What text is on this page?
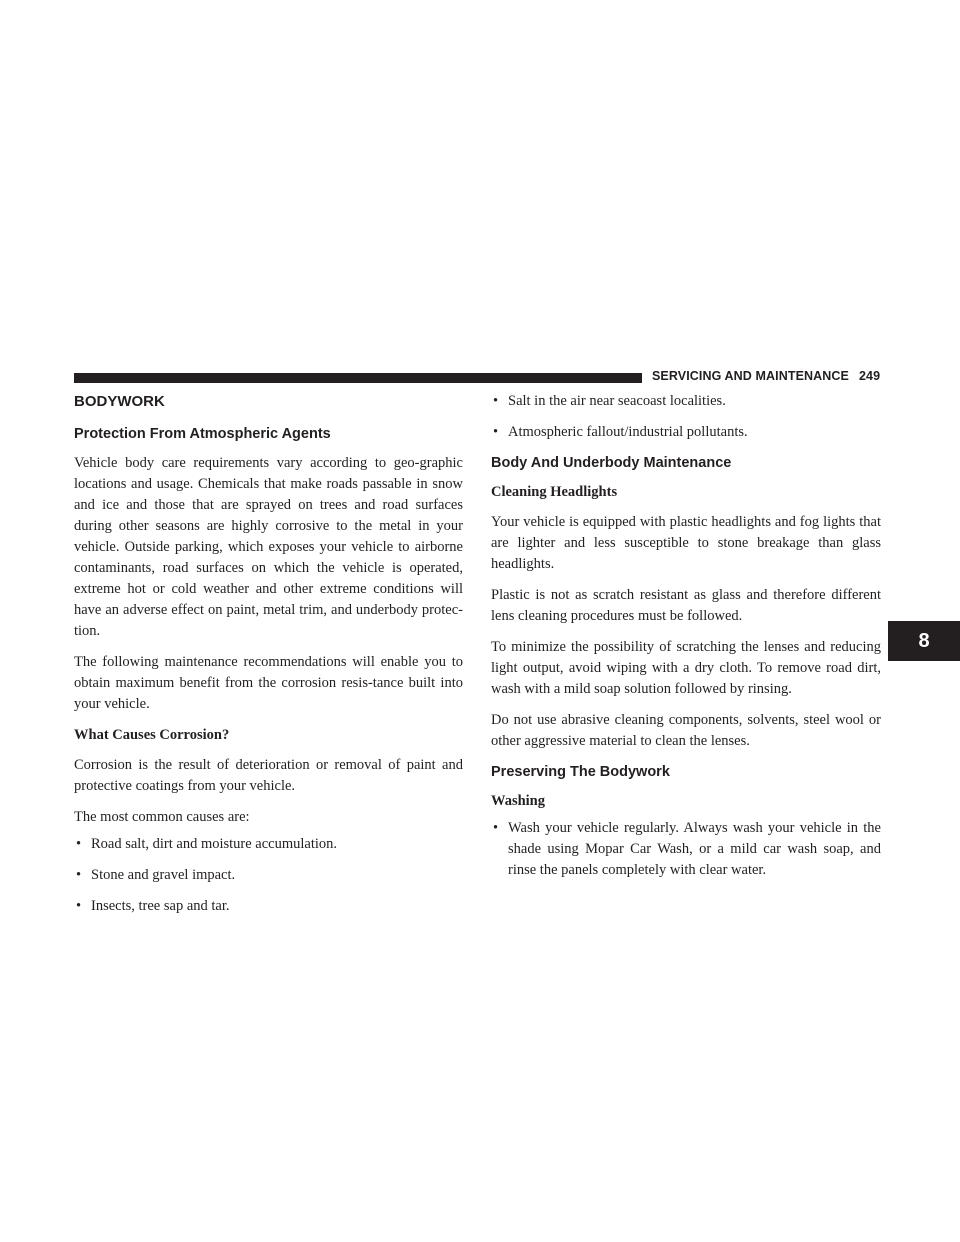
SERVICING AND MAINTENANCE 249
8
BODYWORK
Protection From Atmospheric Agents

Vehicle body care requirements vary according to geo-graphic locations and usage. Chemicals that make roads passable in snow and ice and those that are sprayed on trees and road surfaces during other seasons are highly corrosive to the metal in your vehicle. Outside parking, which exposes your vehicle to airborne contaminants, road surfaces on which the vehicle is operated, extreme hot or cold weather and other extreme conditions will have an adverse effect on paint, metal trim, and underbody protec-tion.

The following maintenance recommendations will enable you to obtain maximum benefit from the corrosion resis-tance built into your vehicle.

What Causes Corrosion?

Corrosion is the result of deterioration or removal of paint and protective coatings from your vehicle.

The most common causes are:

• Road salt, dirt and moisture accumulation.
• Stone and gravel impact.
• Insects, tree sap and tar.
• Salt in the air near seacoast localities.
• Atmospheric fallout/industrial pollutants.
Body And Underbody Maintenance
Cleaning Headlights

Your vehicle is equipped with plastic headlights and fog lights that are lighter and less susceptible to stone breakage than glass headlights.

Plastic is not as scratch resistant as glass and therefore different lens cleaning procedures must be followed.

To minimize the possibility of scratching the lenses and reducing light output, avoid wiping with a dry cloth. To remove road dirt, wash with a mild soap solution followed by rinsing.

Do not use abrasive cleaning components, solvents, steel wool or other aggressive material to clean the lenses.

Preserving The Bodywork
Washing
• Wash your vehicle regularly. Always wash your vehicle in the shade using Mopar Car Wash, or a mild car wash soap, and rinse the panels completely with clear water.
